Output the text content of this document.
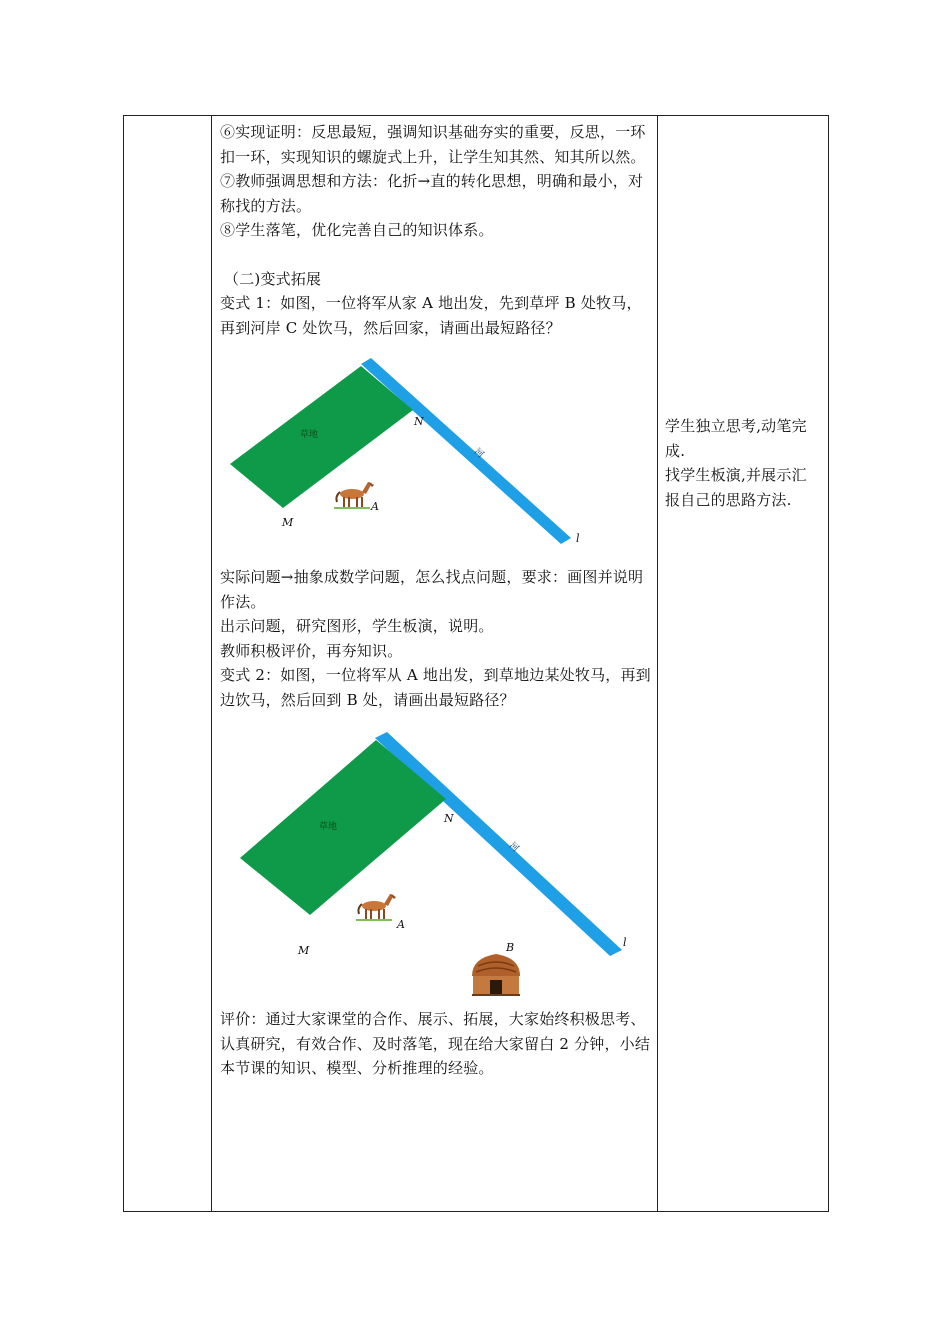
⑥实现证明：反思最短，强调知识基础夯实的重要，反思，一环扣一环，实现知识的螺旋式上升，让学生知其然、知其所以然。

⑦教师强调思想和方法：化折→直的转化思想，明确和最小，对称找的方法。

⑧学生落笔，优化完善自己的知识体系。

（二)变式拓展

变式 1：如图，一位将军从家 A 地出发，先到草坪 B 处牧马，再到河岸 C 处饮马，然后回家，请画出最短路径？

草地
河
N
M
A
l

实际问题→抽象成数学问题，怎么找点问题，要求：画图并说明作法。

出示问题，研究图形，学生板演，说明。

教师积极评价，再夯知识。

变式 2：如图，一位将军从 A 地出发，到草地边某处牧马，再到边饮马，然后回到 B 处，请画出最短路径？

草地
河
N
M
A
B	l

评价：通过大家课堂的合作、展示、拓展，大家始终积极思考、认真研究，有效合作、及时落笔，现在给大家留白 2 分钟，小结本节课的知识、模型、分析推理的经验。

学生独立思考,动笔完成.

找学生板演,并展示汇报自己的思路方法.
